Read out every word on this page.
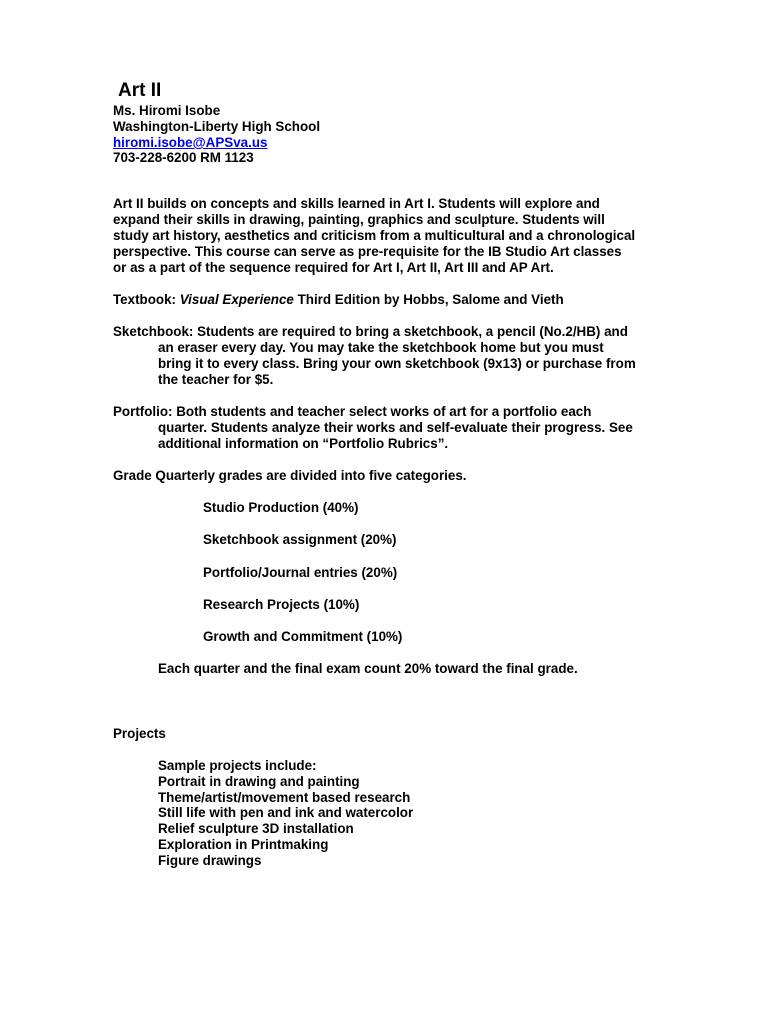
Art II
Ms. Hiromi Isobe
Washington-Liberty High School
hiromi.isobe@APSva.us
703-228-6200 RM 1123
Art II builds on concepts and skills learned in Art I. Students will explore and
expand their skills in drawing, painting, graphics and sculpture. Students will
study art history, aesthetics and criticism from a multicultural and a chronological
perspective. This course can serve as pre-requisite for the IB Studio Art classes
or as a part of the sequence required for Art I, Art II, Art III and AP Art.
Textbook: Visual Experience Third Edition by Hobbs, Salome and Vieth
Sketchbook: Students are required to bring a sketchbook, a pencil (No.2/HB) and
an eraser every day. You may take the sketchbook home but you must
bring it to every class. Bring your own sketchbook (9x13) or purchase from
the teacher for $5.
Portfolio: Both students and teacher select works of art for a portfolio each
quarter. Students analyze their works and self-evaluate their progress. See
additional information on “Portfolio Rubrics”.
Grade Quarterly grades are divided into five categories.
Studio Production (40%)
Sketchbook assignment (20%)
Portfolio/Journal entries (20%)
Research Projects (10%)
Growth and Commitment (10%)
Each quarter and the final exam count 20% toward the final grade.
Projects
Sample projects include:
Portrait in drawing and painting
Theme/artist/movement based research
Still life with pen and ink and watercolor
Relief sculpture 3D installation
Exploration in Printmaking
Figure drawings
